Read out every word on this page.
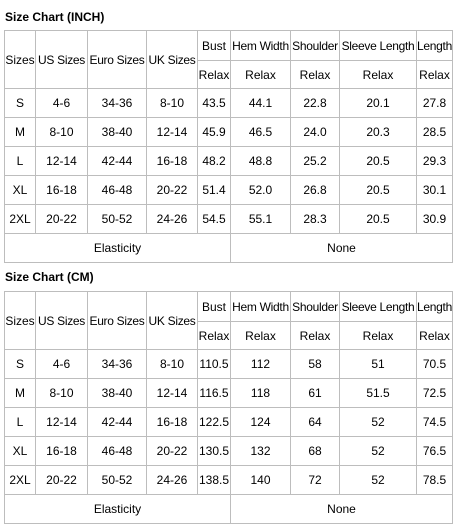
Size Chart (INCH)
Sizes	US Sizes	Euro Sizes	UK Sizes	Bust	Hem Width	Shoulder	Sleeve Length	Length
				Relax	Relax	Relax	Relax	Relax
S	4-6	34-36	8-10	43.5	44.1	22.8	20.1	27.8
M	8-10	38-40	12-14	45.9	46.5	24.0	20.3	28.5
L	12-14	42-44	16-18	48.2	48.8	25.2	20.5	29.3
XL	16-18	46-48	20-22	51.4	52.0	26.8	20.5	30.1
2XL	20-22	50-52	24-26	54.5	55.1	28.3	20.5	30.9
Elasticity					None			
Size Chart (CM)
Sizes	US Sizes	Euro Sizes	UK Sizes	Bust	Hem Width	Shoulder	Sleeve Length	Length
				Relax	Relax	Relax	Relax	Relax
S	4-6	34-36	8-10	110.5	112	58	51	70.5
M	8-10	38-40	12-14	116.5	118	61	51.5	72.5
L	12-14	42-44	16-18	122.5	124	64	52	74.5
XL	16-18	46-48	20-22	130.5	132	68	52	76.5
2XL	20-22	50-52	24-26	138.5	140	72	52	78.5
Elasticity					None			
